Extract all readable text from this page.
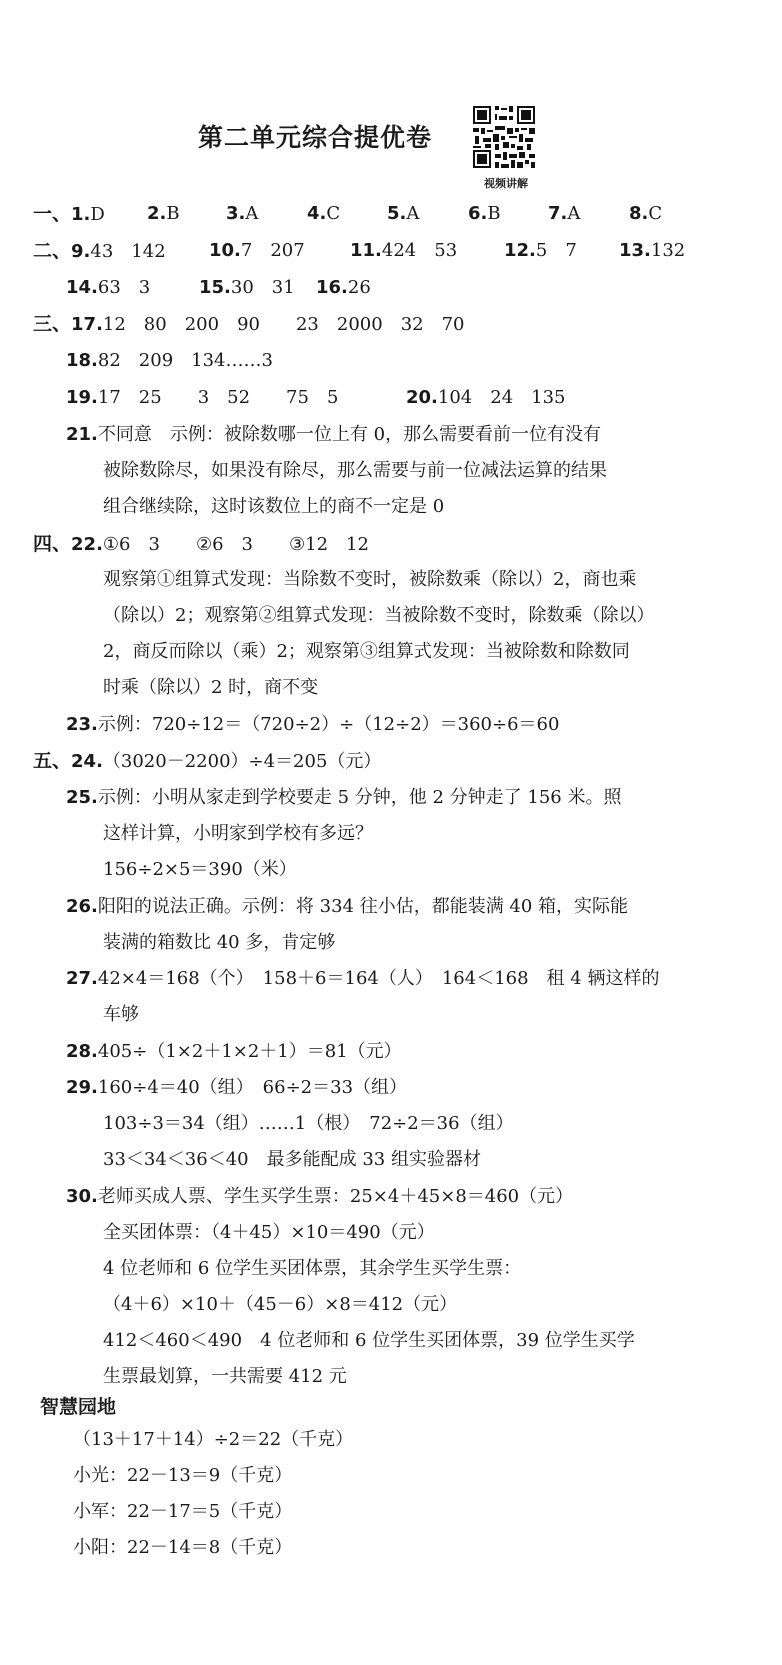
第二单元综合提优卷
视频讲解
一、1.D 2.B	3.A	4.C	5.A	6.B	7.A	8.C
二、9.43　142 10.7　207	11.424　53	12.5　7 13.132
14.63　3	15.30　31 16.26
三、17.12　80　200　90　　23　2000　32　70
18.82　209　134……3
19.17　25　　3　52　　75　5	20.104　24　135
21.不同意　示例：被除数哪一位上有 0，那么需要看前一位有没有
被除数除尽，如果没有除尽，那么需要与前一位减法运算的结果
组合继续除，这时该数位上的商不一定是 0
四、22.①6　3　　②6　3　　③12　12
观察第①组算式发现：当除数不变时，被除数乘（除以）2，商也乘
（除以）2；观察第②组算式发现：当被除数不变时，除数乘（除以）
2，商反而除以（乘）2；观察第③组算式发现：当被除数和除数同
时乘（除以）2 时，商不变
23.示例：720÷12＝（720÷2）÷（12÷2）＝360÷6＝60
五、24.（3020－2200）÷4＝205（元）
25.示例：小明从家走到学校要走 5 分钟，他 2 分钟走了 156 米。照
这样计算，小明家到学校有多远？
156÷2×5＝390（米）
26.阳阳的说法正确。示例：将 334 往小估，都能装满 40 箱，实际能
装满的箱数比 40 多，肯定够
27.42×4＝168（个）　158＋6＝164（人）　164＜168　租 4 辆这样的
车够
28.405÷（1×2＋1×2＋1）＝81（元）
29.160÷4＝40（组）　66÷2＝33（组）
103÷3＝34（组）……1（根）　72÷2＝36（组）
33＜34＜36＜40　最多能配成 33 组实验器材
30.老师买成人票、学生买学生票：25×4＋45×8＝460（元）
全买团体票：（4＋45）×10＝490（元）
4 位老师和 6 位学生买团体票，其余学生买学生票：
（4＋6）×10＋（45－6）×8＝412（元）
412＜460＜490　4 位老师和 6 位学生买团体票，39 位学生买学
生票最划算，一共需要 412 元
智慧园地
（13＋17＋14）÷2＝22（千克）
小光：22－13＝9（千克）
小军：22－17＝5（千克）
小阳：22－14＝8（千克）
